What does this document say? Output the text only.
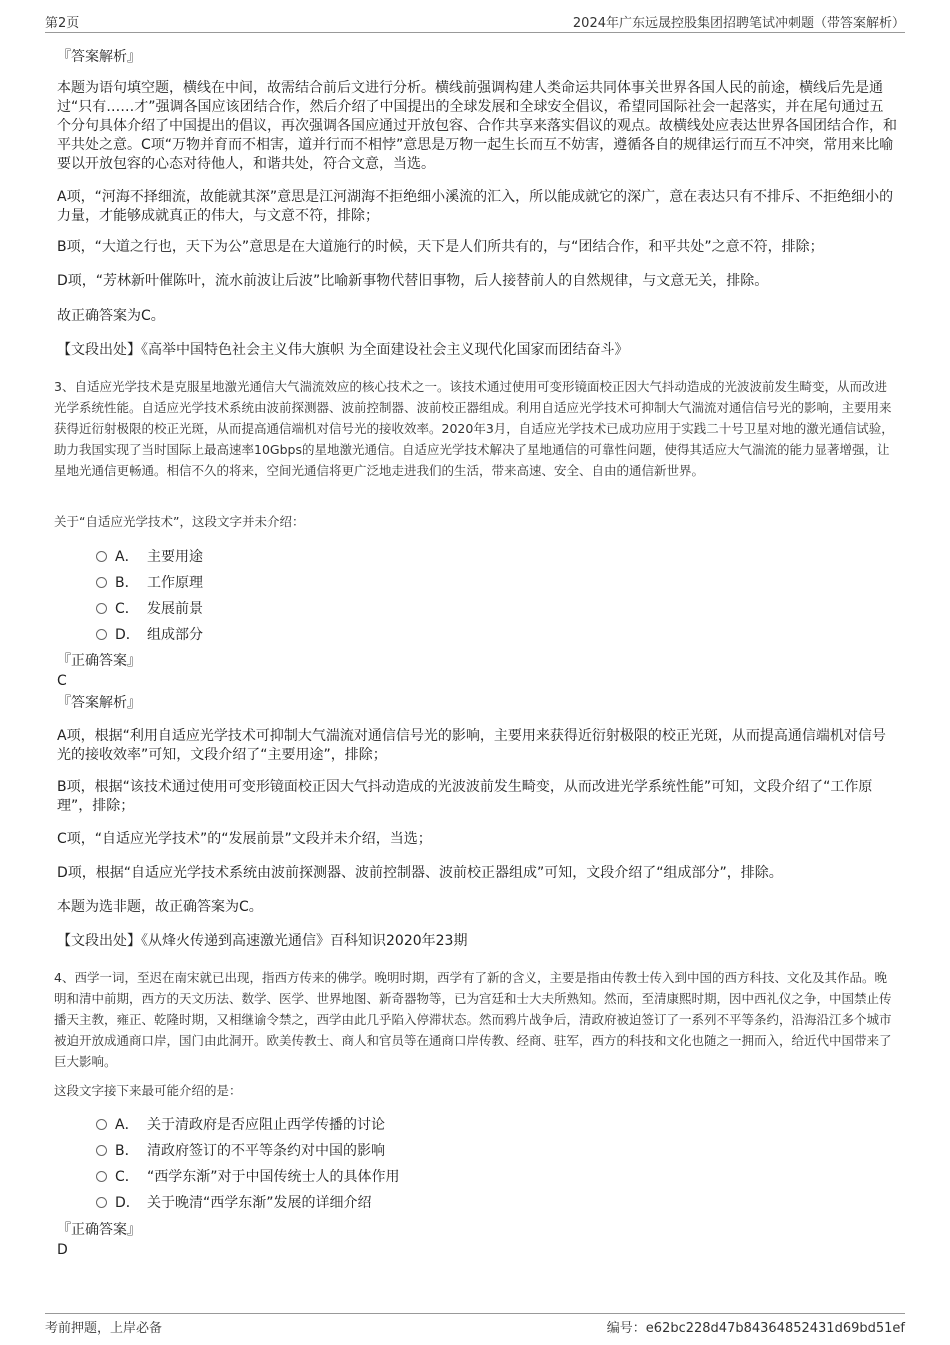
第2页	2024年广东远晟控股集团招聘笔试冲刺题（带答案解析）

『答案解析』

本题为语句填空题，横线在中间，故需结合前后文进行分析。横线前强调构建人类命运共同体事关世界各国人民的前途，横线后先是通过“只有……才”强调各国应该团结合作，然后介绍了中国提出的全球发展和全球安全倡议，希望同国际社会一起落实，并在尾句通过五个分句具体介绍了中国提出的倡议，再次强调各国应通过开放包容、合作共享来落实倡议的观点。故横线处应表达世界各国团结合作，和平共处之意。C项“万物并育而不相害，道并行而不相悖”意思是万物一起生长而互不妨害，遵循各自的规律运行而互不冲突，常用来比喻要以开放包容的心态对待他人，和谐共处，符合文意，当选。

A项，“河海不择细流，故能就其深”意思是江河湖海不拒绝细小溪流的汇入，所以能成就它的深广，意在表达只有不排斥、不拒绝细小的力量，才能够成就真正的伟大，与文意不符，排除；

B项，“大道之行也，天下为公”意思是在大道施行的时候，天下是人们所共有的，与“团结合作，和平共处”之意不符，排除；

D项，“芳林新叶催陈叶，流水前波让后波”比喻新事物代替旧事物，后人接替前人的自然规律，与文意无关，排除。

故正确答案为C。

【文段出处】《高举中国特色社会主义伟大旗帜 为全面建设社会主义现代化国家而团结奋斗》

3、自适应光学技术是克服星地激光通信大气湍流效应的核心技术之一。该技术通过使用可变形镜面校正因大气抖动造成的光波波前发生畸变，从而改进光学系统性能。自适应光学技术系统由波前探测器、波前控制器、波前校正器组成。利用自适应光学技术可抑制大气湍流对通信信号光的影响，主要用来获得近衍射极限的校正光斑，从而提高通信端机对信号光的接收效率。2020年3月，自适应光学技术已成功应用于实践二十号卫星对地的激光通信试验，助力我国实现了当时国际上最高速率10Gbps的星地激光通信。自适应光学技术解决了星地通信的可靠性问题，使得其适应大气湍流的能力显著增强，让星地光通信更畅通。相信不久的将来，空间光通信将更广泛地走进我们的生活，带来高速、安全、自由的通信新世界。

关于“自适应光学技术”，这段文字并未介绍：

A． 主要用途
B． 工作原理
C． 发展前景
D． 组成部分

『正确答案』

C

『答案解析』

A项，根据“利用自适应光学技术可抑制大气湍流对通信信号光的影响，主要用来获得近衍射极限的校正光斑，从而提高通信端机对信号光的接收效率”可知，文段介绍了“主要用途”，排除；

B项，根据“该技术通过使用可变形镜面校正因大气抖动造成的光波波前发生畸变，从而改进光学系统性能”可知，文段介绍了“工作原理”，排除；

C项，“自适应光学技术”的“发展前景”文段并未介绍，当选；

D项，根据“自适应光学技术系统由波前探测器、波前控制器、波前校正器组成”可知，文段介绍了“组成部分”，排除。

本题为选非题，故正确答案为C。

【文段出处】《从烽火传递到高速激光通信》百科知识2020年23期

4、西学一词，至迟在南宋就已出现，指西方传来的佛学。晚明时期，西学有了新的含义，主要是指由传教士传入到中国的西方科技、文化及其作品。晚明和清中前期，西方的天文历法、数学、医学、世界地图、新奇器物等，已为宫廷和士大夫所熟知。然而，至清康熙时期，因中西礼仪之争，中国禁止传播天主教，雍正、乾隆时期，又相继谕令禁之，西学由此几乎陷入停滞状态。然而鸦片战争后，清政府被迫签订了一系列不平等条约，沿海沿江多个城市被迫开放成通商口岸，国门由此洞开。欧美传教士、商人和官员等在通商口岸传教、经商、驻军，西方的科技和文化也随之一拥而入，给近代中国带来了巨大影响。

这段文字接下来最可能介绍的是：

A． 关于清政府是否应阻止西学传播的讨论
B． 清政府签订的不平等条约对中国的影响
C． “西学东渐”对于中国传统士人的具体作用
D． 关于晚清“西学东渐”发展的详细介绍

『正确答案』

D

考前押题，上岸必备	编号：e62bc228d47b84364852431d69bd51ef
